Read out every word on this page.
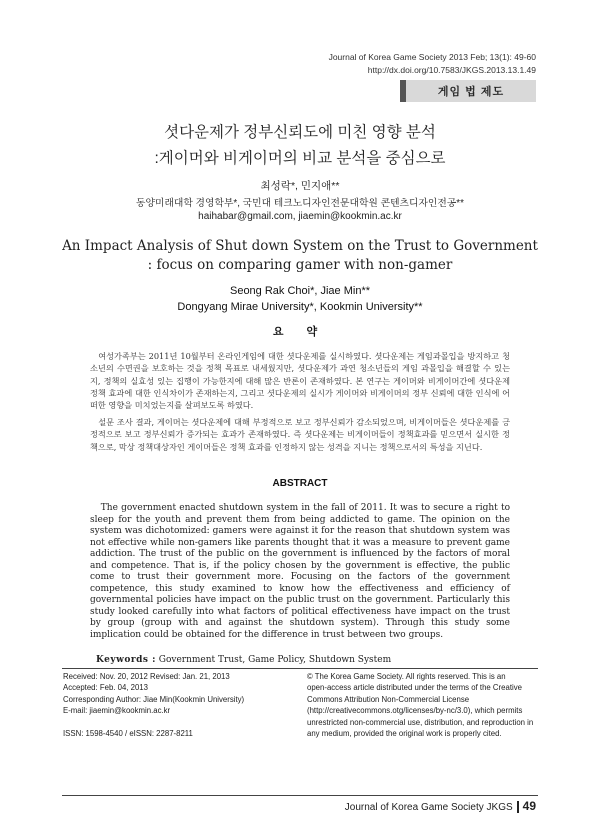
Journal of Korea Game Society 2013 Feb; 13(1): 49-60
http://dx.doi.org/10.7583/JKGS.2013.13.1.49
게임 법 제도
셧다운제가 정부신뢰도에 미친 영향 분석
:게이머와 비게이머의 비교 분석을 중심으로
최성락*, 민지애**
동양미래대학 경영학부*, 국민대 테크노디자인전문대학원 콘텐츠디자인전공**
haihabar@gmail.com, jiaemin@kookmin.ac.kr
An Impact Analysis of Shut down System on the Trust to Government
: focus on comparing gamer with non-gamer
Seong Rak Choi*, Jiae Min**
Dongyang Mirae University*, Kookmin University**
요 약

여성가족부는 2011년 10월부터 온라인게임에 대한 셧다운제를 실시하였다. 셧다운제는 게임과몰입을 방지하고 청소년의 수면권을 보호하는 것을 정책 목표로 내세웠지만, 셧다운제가 과연 청소년들의 게임 과몰입을 해결할 수 있는지, 정책의 실효성 있는 집행이 가능한지에 대해 많은 반론이 존재하였다. 본 연구는 게이머와 비게이머간에 셧다운제 정책 효과에 대한 인식차이가 존재하는지, 그리고 셧다운제의 실시가 게이머와 비게이머의 정부 신뢰에 대한 인식에 어떠한 영향을 미치었는지를 살펴보도록 하였다.

설문 조사 결과, 게이머는 셧다운제에 대해 부정적으로 보고 정부신뢰가 감소되었으며, 비게이머들은 셧다운제를 긍정적으로 보고 정부신뢰가 증가되는 효과가 존재하였다. 즉 셧다운제는 비게이머들이 정책효과를 믿으면서 실시한 정책으로, 막상 정책대상자인 게이머들은 정책 효과를 인정하지 않는 성격을 지니는 정책으로서의 특성을 지닌다.

ABSTRACT

The government enacted shutdown system in the fall of 2011. It was to secure a right to sleep for the youth and prevent them from being addicted to game. The opinion on the system was dichotomized: gamers were against it for the reason that shutdown system was not effective while non-gamers like parents thought that it was a measure to prevent game addiction. The trust of the public on the government is influenced by the factors of moral and competence. That is, if the policy chosen by the government is effective, the public come to trust their government more. Focusing on the factors of the government competence, this study examined to know how the effectiveness and efficiency of governmental policies have impact on the public trust on the government. Particularly this study looked carefully into what factors of political effectiveness have impact on the trust by group (group with and against the shutdown system). Through this study some implication could be obtained for the difference in trust between two groups.

Keywords : Government Trust, Game Policy, Shutdown System
Received: Nov. 20, 2012 Revised: Jan. 21, 2013
Accepted: Feb. 04, 2013
Corresponding Author: Jiae Min(Kookmin University)
E-mail: jiaemin@kookmin.ac.kr

ISSN: 1598-4540 / eISSN: 2287-8211
© The Korea Game Society. All rights reserved. This is an
open-access article distributed under the terms of the Creative
Commons Attribution Non-Commercial License
(http://creativecommons.otg/licenses/by-nc/3.0), which permits
unrestricted non-commercial use, distribution, and reproduction in
any medium, provided the original work is properly cited.
Journal of Korea Game Society JKGS 49
